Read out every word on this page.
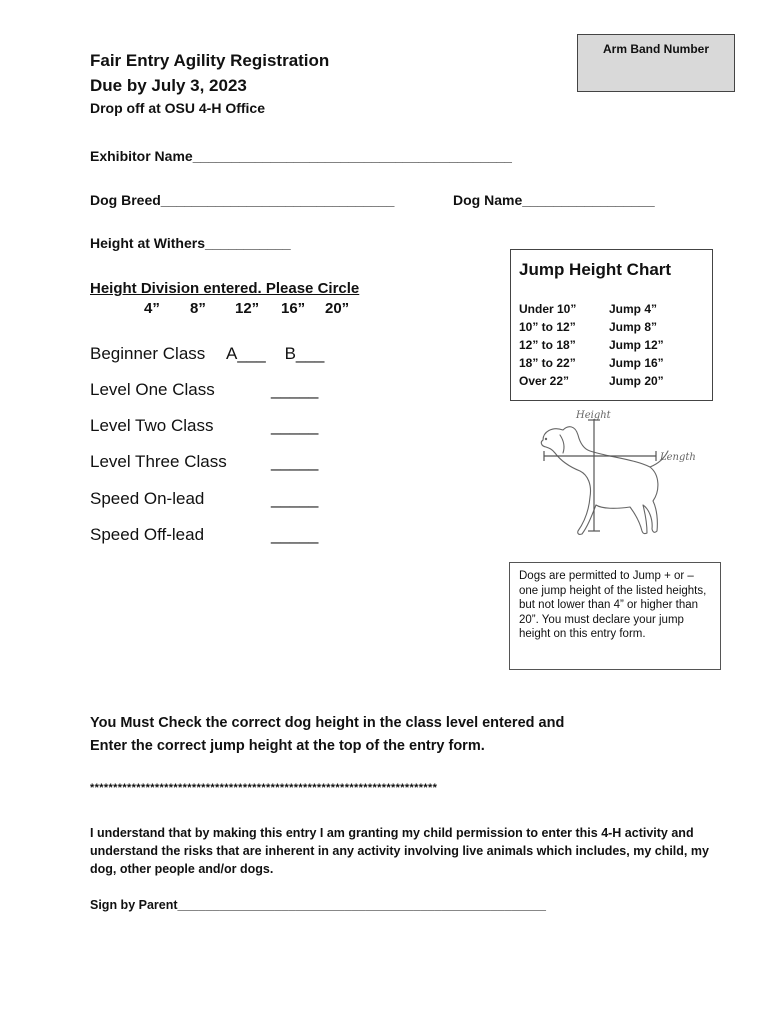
Arm Band Number
Fair Entry Agility Registration
Due by July 3, 2023
Drop off at OSU 4-H Office
Exhibitor Name_________________________________________
Dog Breed______________________________	Dog Name_________________
Height at Withers___________
Height Division entered. Please Circle
4” 8” 12” 16” 20”
Beginner Class A___    B___
Level One Class	_____
Level Two Class	_____
Level Three Class	_____
Speed On-lead	_____
Speed Off-lead	_____
Jump Height Chart
Under 10”	Jump 4”
10” to 12”	Jump 8”
12” to 18”	Jump 12”
18” to 22”	Jump 16”
Over 22”	Jump 20”
Height
Length
Dogs are permitted to Jump + or – one jump height of the listed heights, but not lower than 4” or higher than 20”. You must declare your jump height on this entry form.
You Must Check the correct dog height in the class level entered and
Enter the correct jump height at the top of the entry form.
***************************************************************************
I understand that by making this entry I am granting my child permission to enter this 4-H activity and understand the risks that are inherent in any activity involving live animals which includes, my child, my dog, other people and/or dogs.
Sign by Parent_____________________________________________________
